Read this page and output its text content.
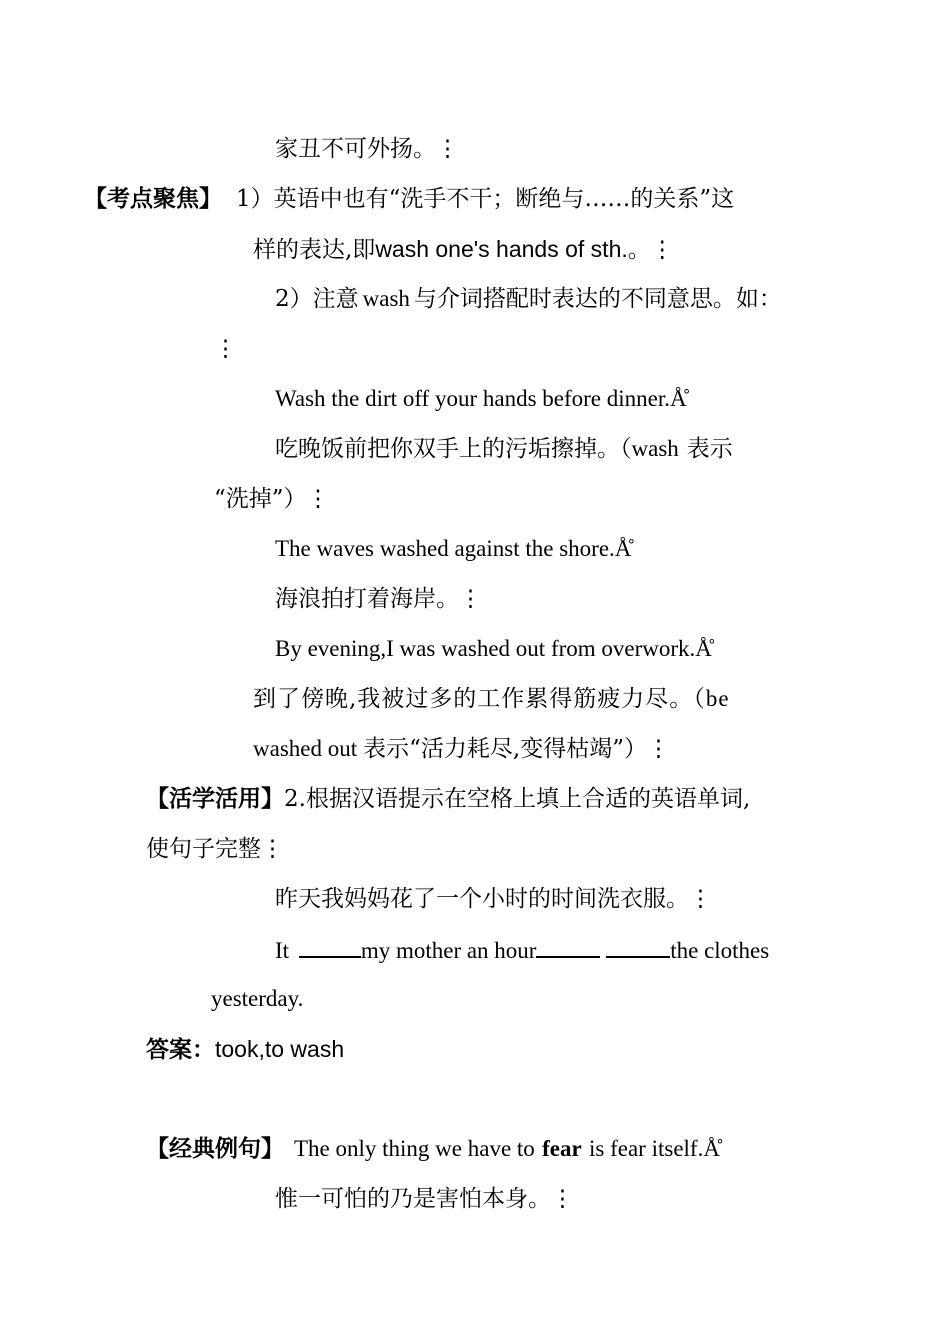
家丑不可外扬。⋮
【考点聚焦】 1）英语中也有“洗手不干；断绝与……的关系”这
样的表达,即wash one's hands of sth.。⋮
2）注意 wash 与介词搭配时表达的不同意思。如：
⋮
Wash the dirt off your hands before dinner.Å̊
吃晚饭前把你双手上的污垢擦掉。（wash 表示
“洗掉”）⋮
The waves washed against the shore.Å̊
海浪拍打着海岸。⋮
By evening,I was washed out from overwork.Å̊
到了傍晚,我被过多的工作累得筋疲力尽。（be
washed out 表示“活力耗尽,变得枯竭”）⋮
【活学活用】2.根据汉语提示在空格上填上合适的英语单词,
使句子完整⋮
昨天我妈妈花了一个小时的时间洗衣服。⋮
It	my mother an hour	the clothes
yesterday.
答案：took,to wash
【经典例句】 The only thing we have to fear is fear itself.Å̊
惟一可怕的乃是害怕本身。⋮
